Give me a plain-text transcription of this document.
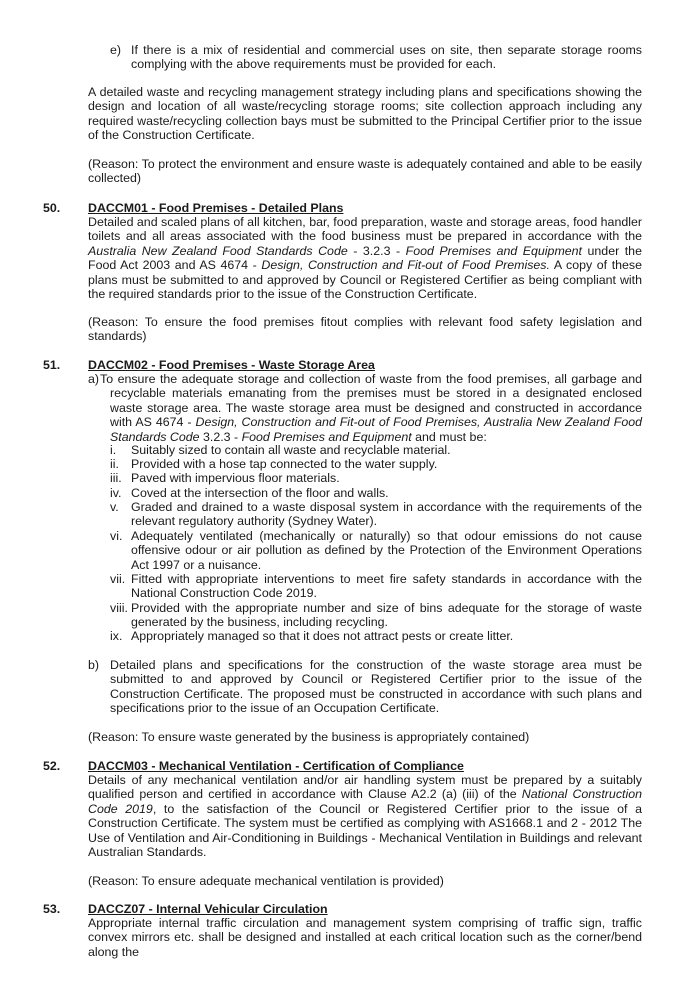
e) If there is a mix of residential and commercial uses on site, then separate storage rooms complying with the above requirements must be provided for each.

A detailed waste and recycling management strategy including plans and specifications showing the design and location of all waste/recycling storage rooms; site collection approach including any required waste/recycling collection bays must be submitted to the Principal Certifier prior to the issue of the Construction Certificate.

(Reason: To protect the environment and ensure waste is adequately contained and able to be easily collected)

50. DACCM01 - Food Premises - Detailed Plans

Detailed and scaled plans of all kitchen, bar, food preparation, waste and storage areas, food handler toilets and all areas associated with the food business must be prepared in accordance with the Australia New Zealand Food Standards Code - 3.2.3 - Food Premises and Equipment under the Food Act 2003 and AS 4674 - Design, Construction and Fit-out of Food Premises. A copy of these plans must be submitted to and approved by Council or Registered Certifier as being compliant with the required standards prior to the issue of the Construction Certificate.

(Reason: To ensure the food premises fitout complies with relevant food safety legislation and standards)

51. DACCM02 - Food Premises - Waste Storage Area
a) To ensure the adequate storage and collection of waste from the food premises, all garbage and recyclable materials emanating from the premises must be stored in a designated enclosed waste storage area. The waste storage area must be designed and constructed in accordance with AS 4674 - Design, Construction and Fit-out of Food Premises, Australia New Zealand Food Standards Code 3.2.3 - Food Premises and Equipment and must be:

i.	Suitably sized to contain all waste and recyclable material.
ii. Provided with a hose tap connected to the water supply.
iii. Paved with impervious floor materials.
iv. Coved at the intersection of the floor and walls.
v. Graded and drained to a waste disposal system in accordance with the requirements of the relevant regulatory authority (Sydney Water).
vi. Adequately ventilated (mechanically or naturally) so that odour emissions do not cause offensive odour or air pollution as defined by the Protection of the Environment Operations Act 1997 or a nuisance.
vii. Fitted with appropriate interventions to meet fire safety standards in accordance with the National Construction Code 2019.
viii. Provided with the appropriate number and size of bins adequate for the storage of waste generated by the business, including recycling.
ix. Appropriately managed so that it does not attract pests or create litter.
b) Detailed plans and specifications for the construction of the waste storage area must be submitted to and approved by Council or Registered Certifier prior to the issue of the Construction Certificate. The proposed must be constructed in accordance with such plans and specifications prior to the issue of an Occupation Certificate.

(Reason: To ensure waste generated by the business is appropriately contained)

52. DACCM03 - Mechanical Ventilation - Certification of Compliance

Details of any mechanical ventilation and/or air handling system must be prepared by a suitably qualified person and certified in accordance with Clause A2.2 (a) (iii) of the National Construction Code 2019, to the satisfaction of the Council or Registered Certifier prior to the issue of a Construction Certificate. The system must be certified as complying with AS1668.1 and 2 - 2012 The Use of Ventilation and Air-Conditioning in Buildings - Mechanical Ventilation in Buildings and relevant Australian Standards.

(Reason: To ensure adequate mechanical ventilation is provided)

53. DACCZ07 - Internal Vehicular Circulation

Appropriate internal traffic circulation and management system comprising of traffic sign, traffic convex mirrors etc. shall be designed and installed at each critical location such as the corner/bend along the
